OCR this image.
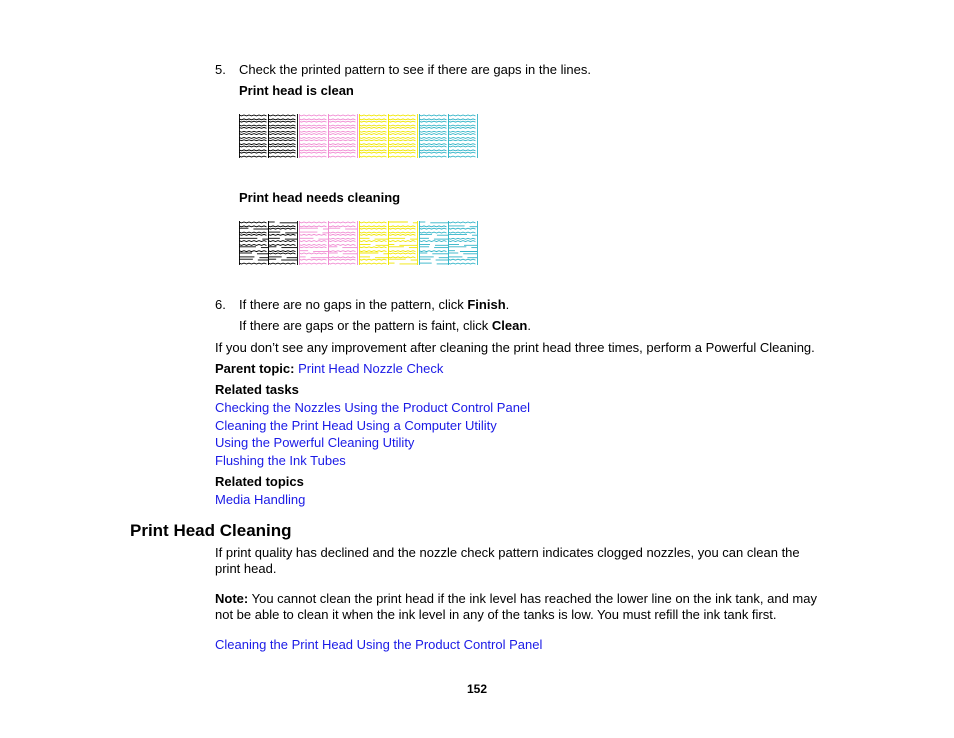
5. Check the printed pattern to see if there are gaps in the lines.
Print head is clean
Print head needs cleaning
6. If there are no gaps in the pattern, click Finish.
If there are gaps or the pattern is faint, click Clean.
If you don’t see any improvement after cleaning the print head three times, perform a Powerful Cleaning.
Parent topic: Print Head Nozzle Check
Related tasks
Checking the Nozzles Using the Product Control Panel
Cleaning the Print Head Using a Computer Utility
Using the Powerful Cleaning Utility
Flushing the Ink Tubes
Related topics
Media Handling
Print Head Cleaning
If print quality has declined and the nozzle check pattern indicates clogged nozzles, you can clean the print head.
Note: You cannot clean the print head if the ink level has reached the lower line on the ink tank, and may not be able to clean it when the ink level in any of the tanks is low. You must refill the ink tank first.
Cleaning the Print Head Using the Product Control Panel
152
